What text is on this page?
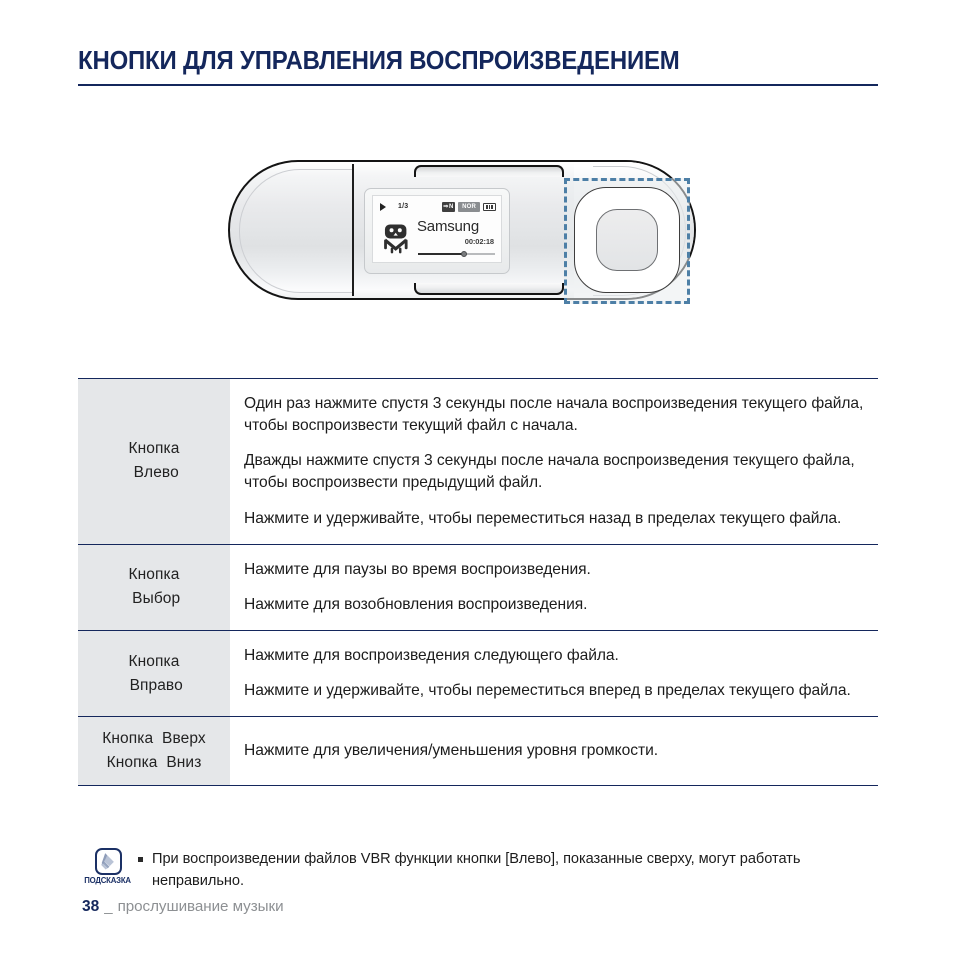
КНОПКИ ДЛЯ УПРАВЛЕНИЯ ВОСПРОИЗВЕДЕНИЕМ
1/3	⇒ N	NOR
Samsung
00:02:18
Кнопка
Влево

Один раз нажмите спустя 3 секунды после начала воспроизведения текущего файла, чтобы воспроизвести текущий файл с начала.

Дважды нажмите спустя 3 секунды после начала воспроизведения текущего файла, чтобы воспроизвести предыдущий файл.

Нажмите и удерживайте, чтобы переместиться назад в пределах текущего файла.

Кнопка
Выбор

Нажмите для паузы во время воспроизведения.

Нажмите для возобновления воспроизведения.

Кнопка
Вправо

Нажмите для воспроизведения следующего файла.

Нажмите и удерживайте, чтобы переместиться вперед в пределах текущего файла.

Кнопка  Вверх
Кнопка  Вниз

Нажмите для увеличения/уменьшения уровня громкости.

ПОДСКАЗКА
При воспроизведении файлов VBR функции кнопки [Влево], показанные сверху, могут работать неправильно.
38 _ прослушивание музыки
